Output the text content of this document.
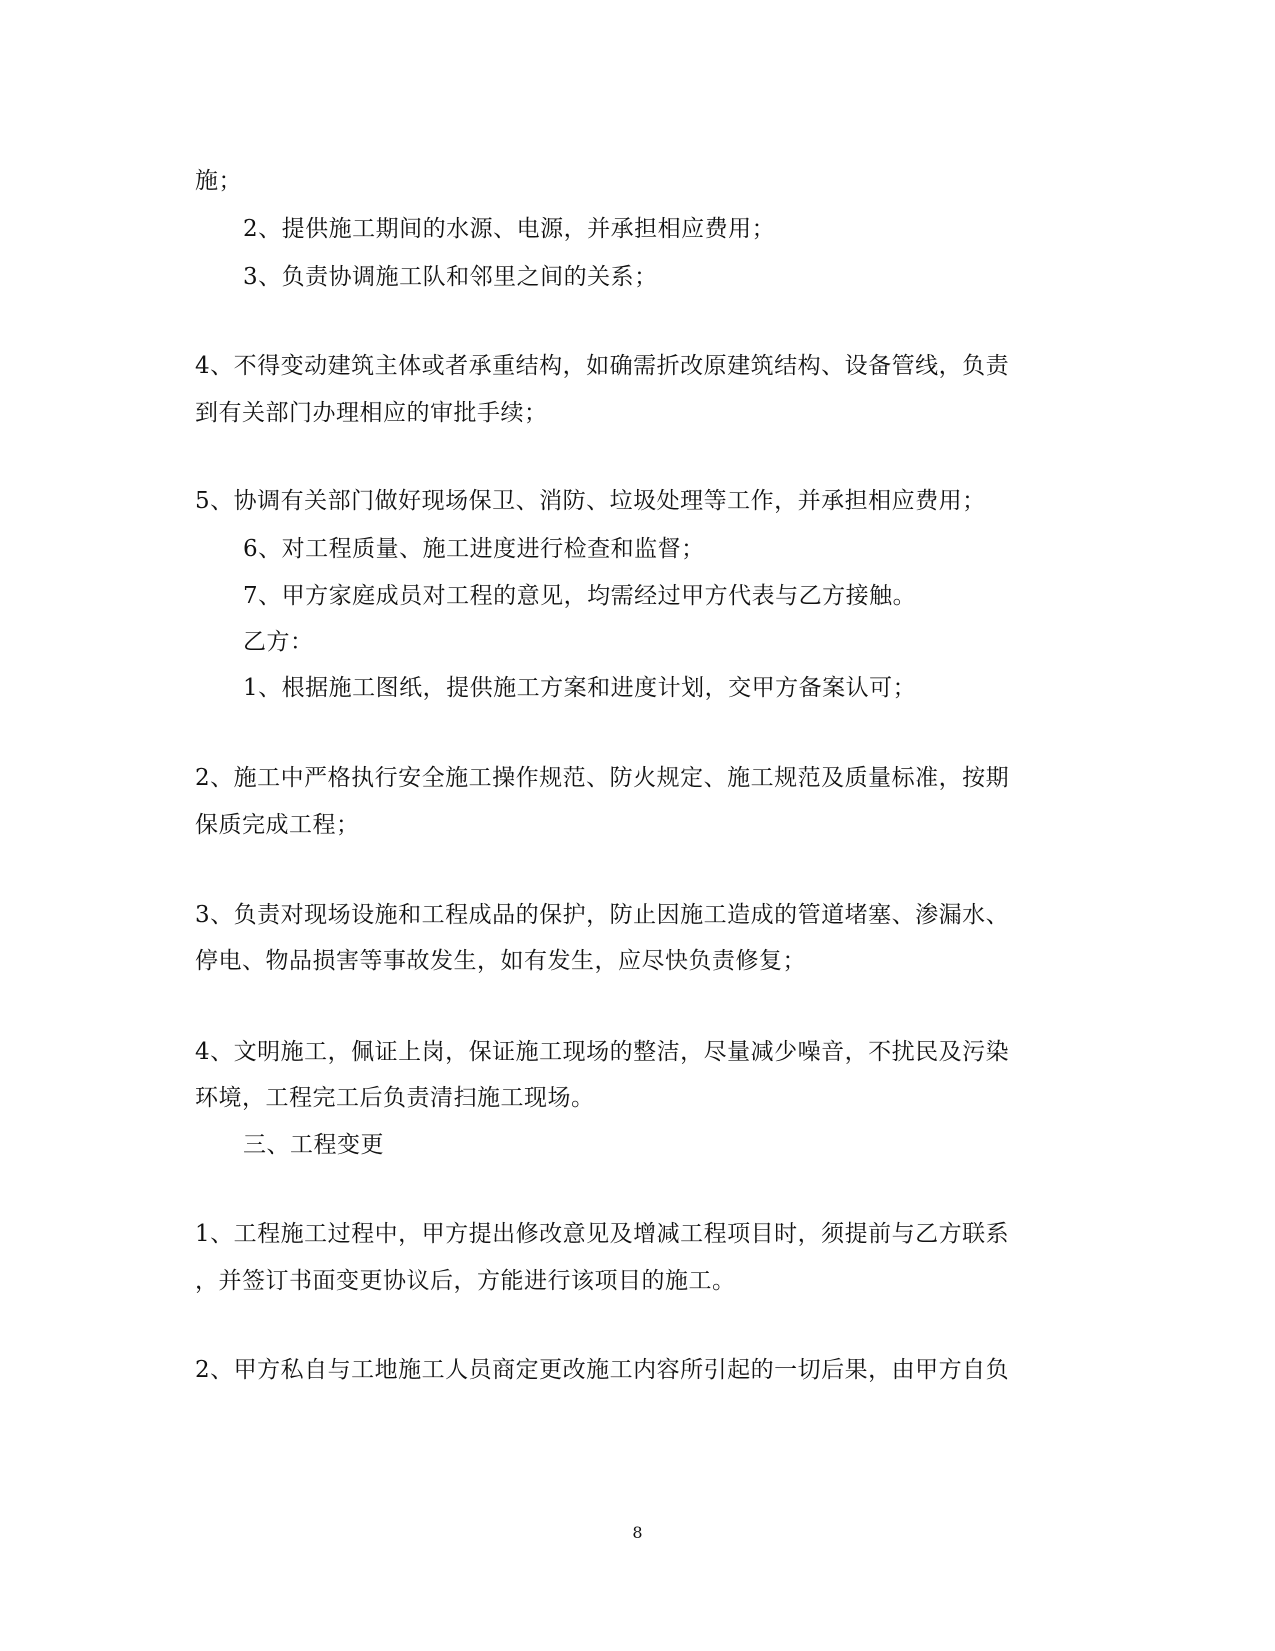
施；
2、提供施工期间的水源、电源，并承担相应费用；
3、负责协调施工队和邻里之间的关系；
4、不得变动建筑主体或者承重结构，如确需折改原建筑结构、设备管线，负责
到有关部门办理相应的审批手续；
5、协调有关部门做好现场保卫、消防、垃圾处理等工作，并承担相应费用；
6、对工程质量、施工进度进行检查和监督；
7、甲方家庭成员对工程的意见，均需经过甲方代表与乙方接触。
乙方：
1、根据施工图纸，提供施工方案和进度计划，交甲方备案认可；
2、施工中严格执行安全施工操作规范、防火规定、施工规范及质量标准，按期
保质完成工程；
3、负责对现场设施和工程成品的保护，防止因施工造成的管道堵塞、渗漏水、
停电、物品损害等事故发生，如有发生，应尽快负责修复；
4、文明施工，佩证上岗，保证施工现场的整洁，尽量减少噪音，不扰民及污染
环境，工程完工后负责清扫施工现场。
三、工程变更
1、工程施工过程中，甲方提出修改意见及增减工程项目时，须提前与乙方联系
，并签订书面变更协议后，方能进行该项目的施工。
2、甲方私自与工地施工人员商定更改施工内容所引起的一切后果，由甲方自负
8
